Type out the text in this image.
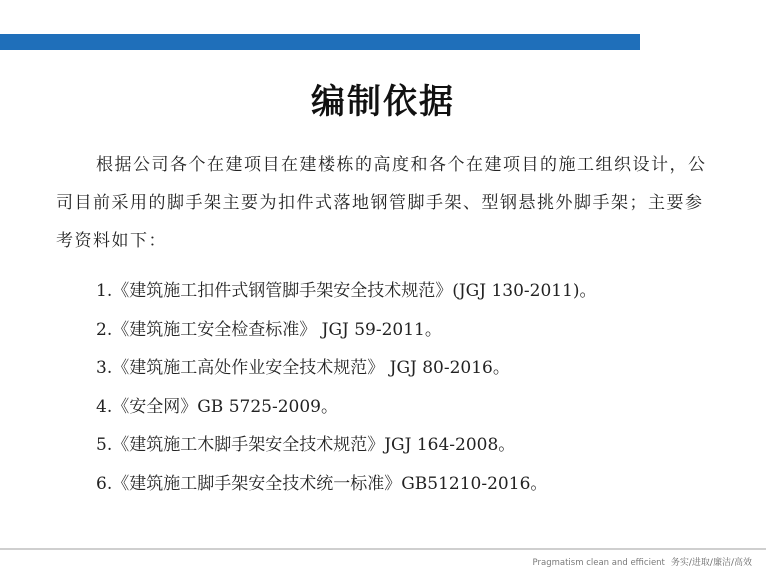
编制依据

根据公司各个在建项目在建楼栋的高度和各个在建项目的施工组织设计，公司目前采用的脚手架主要为扣件式落地钢管脚手架、型钢悬挑外脚手架；主要参考资料如下：

1.《建筑施工扣件式钢管脚手架安全技术规范》(JGJ 130-2011)。
2.《建筑施工安全检查标准》 JGJ 59-2011。
3.《建筑施工高处作业安全技术规范》 JGJ 80-2016。
4.《安全网》GB 5725-2009。
5.《建筑施工木脚手架安全技术规范》JGJ 164-2008。
6.《建筑施工脚手架安全技术统一标准》GB51210-2016。
Pragmatism clean and efficient 务实/进取/廉洁/高效
